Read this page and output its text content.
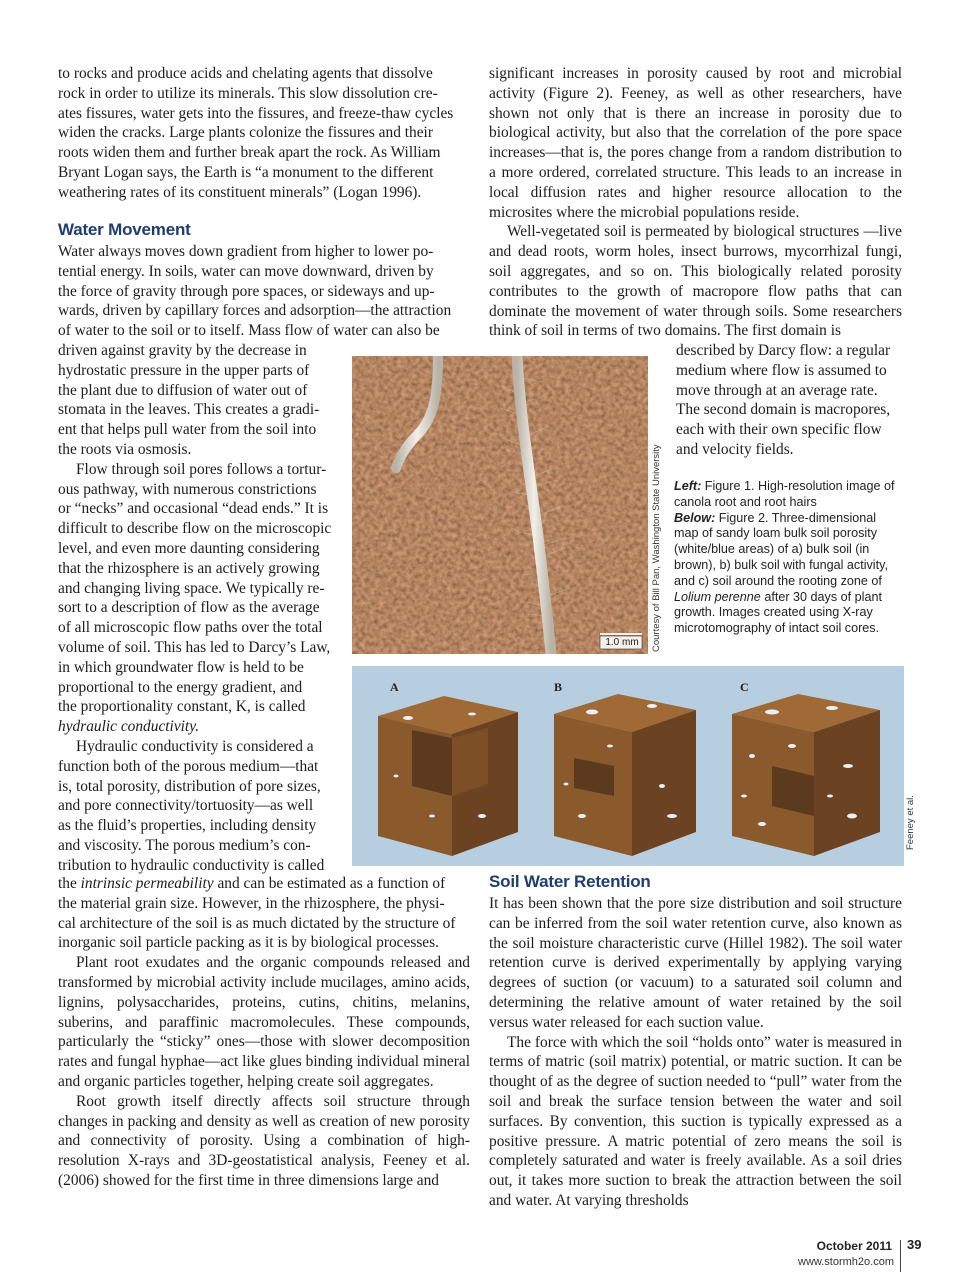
to rocks and produce acids and chelating agents that dissolve
rock in order to utilize its minerals. This slow dissolution cre-
ates fissures, water gets into the fissures, and freeze-thaw cycles
widen the cracks. Large plants colonize the fissures and their
roots widen them and further break apart the rock. As William
Bryant Logan says, the Earth is “a monument to the different
weathering rates of its constituent minerals” (Logan 1996).
Water Movement
Water always moves down gradient from higher to lower po-
tential energy. In soils, water can move downward, driven by
the force of gravity through pore spaces, or sideways and up-
wards, driven by capillary forces and adsorption—the attraction
of water to the soil or to itself. Mass flow of water can also be
driven against gravity by the decrease in
hydrostatic pressure in the upper parts of
the plant due to diffusion of water out of
stomata in the leaves. This creates a gradi-
ent that helps pull water from the soil into
the roots via osmosis.
Flow through soil pores follows a tortur-
ous pathway, with numerous constrictions
or “necks” and occasional “dead ends.” It is
difficult to describe flow on the microscopic
level, and even more daunting considering
that the rhizosphere is an actively growing
and changing living space. We typically re-
sort to a description of flow as the average
of all microscopic flow paths over the total
volume of soil. This has led to Darcy’s Law,
in which groundwater flow is held to be
proportional to the energy gradient, and
the proportionality constant, K, is called
hydraulic conductivity.
Hydraulic conductivity is considered a
function both of the porous medium—that
is, total porosity, distribution of pore sizes,
and pore connectivity/tortuosity—as well
as the fluid’s properties, including density
and viscosity. The porous medium’s con-
tribution to hydraulic conductivity is called
the intrinsic permeability and can be estimated as a function of
the material grain size. However, in the rhizosphere, the physi-
cal architecture of the soil is as much dictated by the structure of
inorganic soil particle packing as it is by biological processes.

Plant root exudates and the organic compounds released and transformed by microbial activity include mucilages, amino acids, lignins, polysaccharides, proteins, cutins, chitins, melanins, suberins, and paraffinic macromolecules. These compounds, particularly the “sticky” ones—those with slower decomposition rates and fungal hyphae—act like glues binding individual mineral and organic particles together, helping create soil aggregates.

Root growth itself directly affects soil structure through changes in packing and density as well as creation of new porosity and connectivity of porosity. Using a combination of high-resolution X-rays and 3D-geostatistical analysis, Feeney et al. (2006) showed for the first time in three dimensions large and

significant increases in porosity caused by root and microbial activity (Figure 2). Feeney, as well as other researchers, have shown not only that is there an increase in porosity due to biological activity, but also that the correlation of the pore space increases—that is, the pores change from a random distribution to a more ordered, correlated structure. This leads to an increase in local diffusion rates and higher resource allocation to the microsites where the microbial populations reside.

Well-vegetated soil is permeated by biological structures —live and dead roots, worm holes, insect burrows, mycorrhizal fungi, soil aggregates, and so on. This biologically related porosity contributes to the growth of macropore flow paths that can dominate the movement of water through soils. Some researchers think of soil in terms of two domains. The first domain is

described by Darcy flow: a regular
medium where flow is assumed to
move through at an average rate.
The second domain is macropores,
each with their own specific flow
and velocity fields.
Left: Figure 1. High-resolution image of canola root and root hairs
Below: Figure 2. Three-dimensional map of sandy loam bulk soil porosity (white/blue areas) of a) bulk soil (in brown), b) bulk soil with fungal activity, and c) soil around the rooting zone of Lolium perenne after 30 days of plant growth. Images created using X-ray microtomography of intact soil cores.
1.0 mm	Courtesy of Bill Pan, Washington State University
A	B	C
Feeney et al.
Soil Water Retention

It has been shown that the pore size distribution and soil structure can be inferred from the soil water retention curve, also known as the soil moisture characteristic curve (Hillel 1982). The soil water retention curve is derived experimentally by applying varying degrees of suction (or vacuum) to a saturated soil column and determining the relative amount of water retained by the soil versus water released for each suction value.

The force with which the soil “holds onto” water is measured in terms of matric (soil matrix) potential, or matric suction. It can be thought of as the degree of suction needed to “pull” water from the soil and break the surface tension between the water and soil surfaces. By convention, this suction is typically expressed as a positive pressure. A matric potential of zero means the soil is completely saturated and water is freely available. As a soil dries out, it takes more suction to break the attraction between the soil and water. At varying thresholds

October 2011 39
www.stormh2o.com
